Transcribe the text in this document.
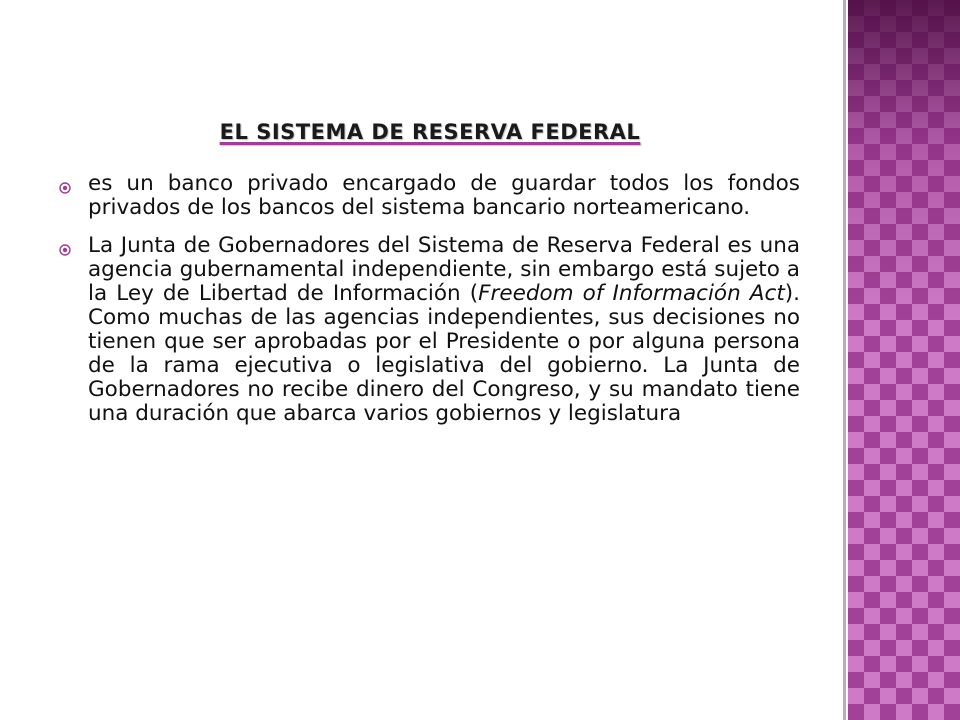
EL SISTEMA DE RESERVA FEDERAL
es un banco privado encargado de guardar todos los fondos privados de los bancos del sistema bancario norteamericano.
La Junta de Gobernadores del Sistema de Reserva Federal es una agencia gubernamental independiente, sin embargo está sujeto a la Ley de Libertad de Información (Freedom of Información Act). Como muchas de las agencias independientes, sus decisiones no tienen que ser aprobadas por el Presidente o por alguna persona de la rama ejecutiva o legislativa del gobierno. La Junta de Gobernadores no recibe dinero del Congreso, y su mandato tiene una duración que abarca varios gobiernos y legislatura
